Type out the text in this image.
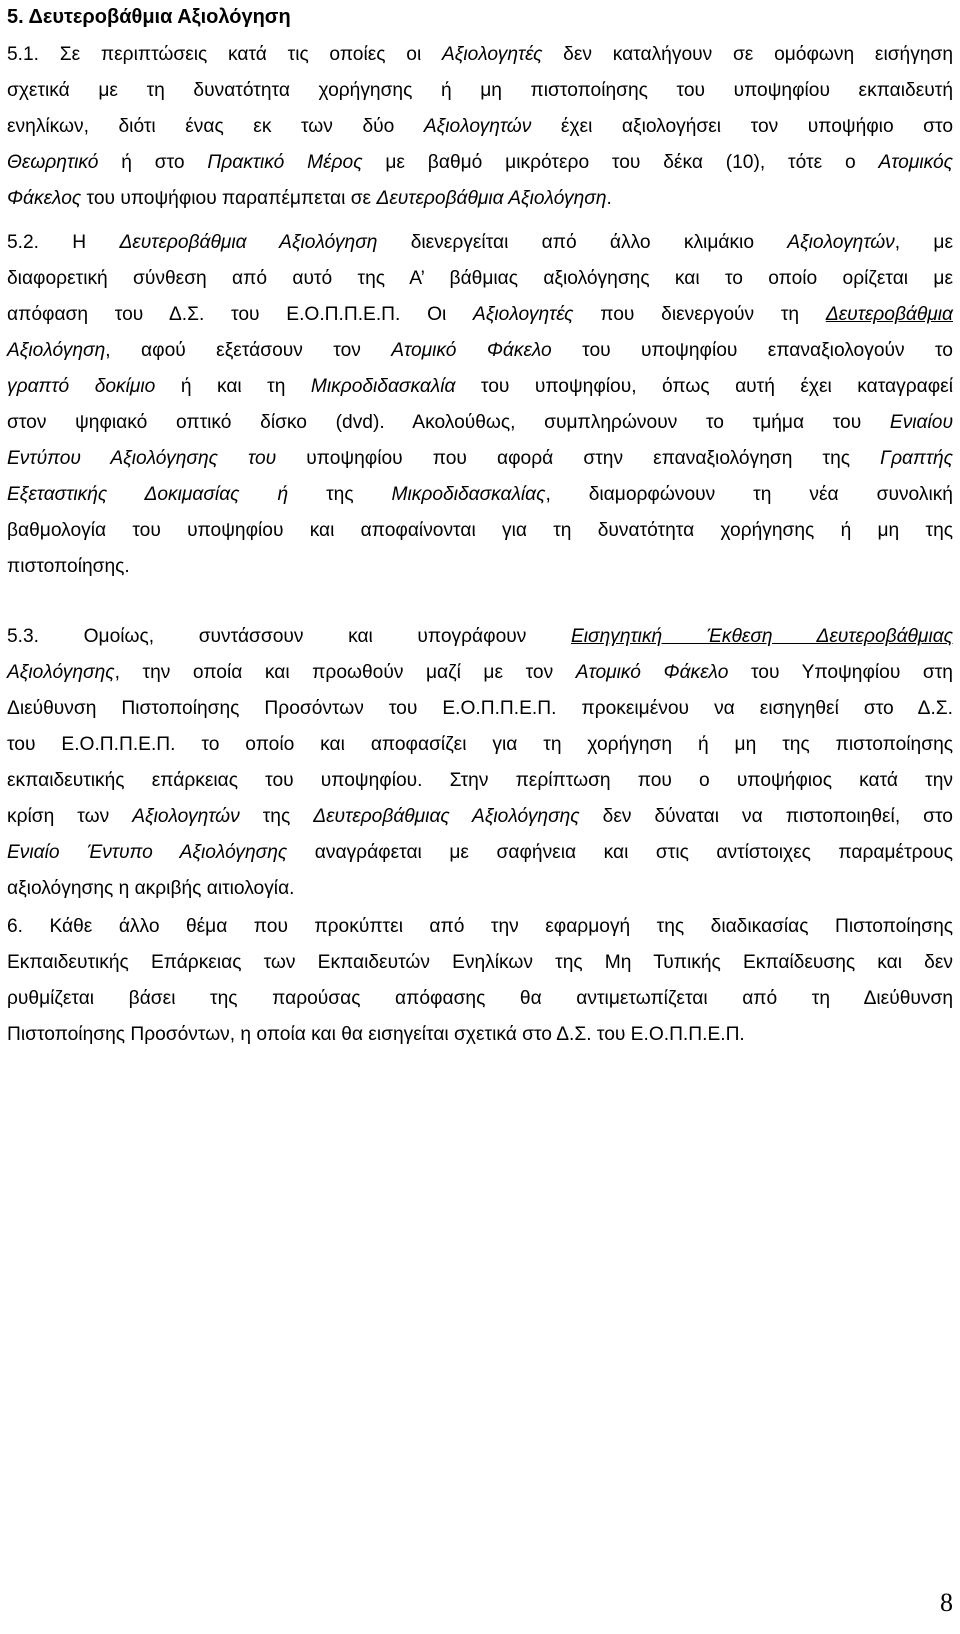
5. Δευτεροβάθμια Αξιολόγηση
5.1. Σε περιπτώσεις κατά τις οποίες οι Αξιολογητές δεν καταλήγουν σε ομόφωνη εισήγηση
σχετικά με τη δυνατότητα χορήγησης ή μη πιστοποίησης του υποψηφίου εκπαιδευτή
ενηλίκων, διότι ένας εκ των δύο Αξιολογητών έχει αξιολογήσει τον υποψήφιο στο
Θεωρητικό ή στο Πρακτικό Μέρος με βαθμό μικρότερο του δέκα (10), τότε ο Ατομικός
Φάκελος του υποψήφιου παραπέμπεται σε Δευτεροβάθμια Αξιολόγηση.
5.2. Η Δευτεροβάθμια Αξιολόγηση διενεργείται από άλλο κλιμάκιο Αξιολογητών, με
διαφορετική σύνθεση από αυτό της Α’ βάθμιας αξιολόγησης και το οποίο ορίζεται με
απόφαση του Δ.Σ. του Ε.Ο.Π.Π.Ε.Π. Οι Αξιολογητές που διενεργούν τη Δευτεροβάθμια
Αξιολόγηση, αφού εξετάσουν τον Ατομικό Φάκελο του υποψηφίου επαναξιολογούν το
γραπτό δοκίμιο ή και τη Μικροδιδασκαλία του υποψηφίου, όπως αυτή έχει καταγραφεί
στον ψηφιακό οπτικό δίσκο (dvd). Ακολούθως, συμπληρώνουν το τμήμα του Ενιαίου
Εντύπου Αξιολόγησης του υποψηφίου που αφορά στην επαναξιολόγηση της Γραπτής
Εξεταστικής Δοκιμασίας ή της Μικροδιδασκαλίας, διαμορφώνουν τη νέα συνολική
βαθμολογία του υποψηφίου και αποφαίνονται για τη δυνατότητα χορήγησης ή μη της
πιστοποίησης.
5.3. Ομοίως, συντάσσουν και υπογράφουν Εισηγητική Έκθεση Δευτεροβάθμιας
Αξιολόγησης, την οποία και προωθούν μαζί με τον Ατομικό Φάκελο του Υποψηφίου στη
Διεύθυνση Πιστοποίησης Προσόντων του Ε.Ο.Π.Π.Ε.Π. προκειμένου να εισηγηθεί στο Δ.Σ.
του Ε.Ο.Π.Π.Ε.Π. το οποίο και αποφασίζει για τη χορήγηση ή μη της πιστοποίησης
εκπαιδευτικής επάρκειας του υποψηφίου. Στην περίπτωση που ο υποψήφιος κατά την
κρίση των Αξιολογητών της Δευτεροβάθμιας Αξιολόγησης δεν δύναται να πιστοποιηθεί, στο
Ενιαίο Έντυπο Αξιολόγησης αναγράφεται με σαφήνεια και στις αντίστοιχες παραμέτρους
αξιολόγησης η ακριβής αιτιολογία.
6. Κάθε άλλο θέμα που προκύπτει από την εφαρμογή της διαδικασίας Πιστοποίησης
Εκπαιδευτικής Επάρκειας των Εκπαιδευτών Ενηλίκων της Μη Τυπικής Εκπαίδευσης και δεν
ρυθμίζεται βάσει της παρούσας απόφασης θα αντιμετωπίζεται από τη Διεύθυνση
Πιστοποίησης Προσόντων, η οποία και θα εισηγείται σχετικά στο Δ.Σ. του Ε.Ο.Π.Π.Ε.Π.
8
